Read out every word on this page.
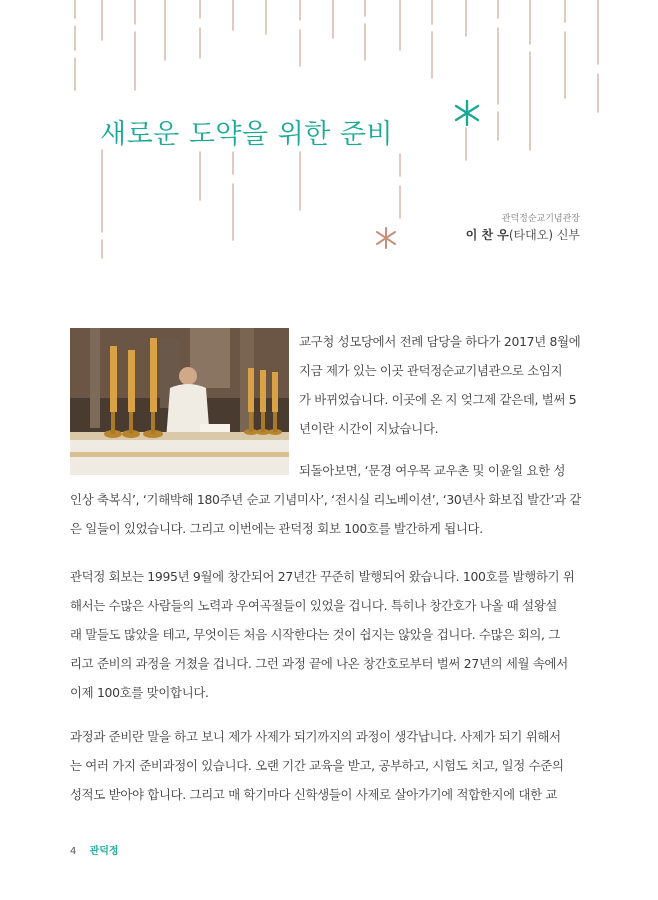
새로운 도약을 위한 준비
관덕정순교기념관장
이 찬 우(타대오) 신부
교구청 성모당에서 전례 담당을 하다가 2017년 8월에
지금 제가 있는 이곳 관덕정순교기념관으로 소임지
가 바뀌었습니다. 이곳에 온 지 엊그제 같은데, 벌써 5
년이란 시간이 지났습니다.
되돌아보면, ‘문경 여우목 교우촌 및 이윤일 요한 성
인상 축복식’, ‘기해박해 180주년 순교 기념미사’, ‘전시실 리노베이션’, ‘30년사 화보집 발간’과 같
은 일들이 있었습니다. 그리고 이번에는 관덕정 회보 100호를 발간하게 됩니다.
관덕정 회보는 1995년 9월에 창간되어 27년간 꾸준히 발행되어 왔습니다. 100호를 발행하기 위
해서는 수많은 사람들의 노력과 우여곡절들이 있었을 겁니다. 특히나 창간호가 나올 때 설왕설
래 말들도 많았을 테고, 무엇이든 처음 시작한다는 것이 쉽지는 않았을 겁니다. 수많은 회의, 그
리고 준비의 과정을 거쳤을 겁니다. 그런 과정 끝에 나온 창간호로부터 벌써 27년의 세월 속에서
이제 100호를 맞이합니다.
과정과 준비란 말을 하고 보니 제가 사제가 되기까지의 과정이 생각납니다. 사제가 되기 위해서
는 여러 가지 준비과정이 있습니다. 오랜 기간 교육을 받고, 공부하고, 시험도 치고, 일정 수준의
성적도 받아야 합니다. 그리고 매 학기마다 신학생들이 사제로 살아가기에 적합한지에 대한 교
4 관덕정
